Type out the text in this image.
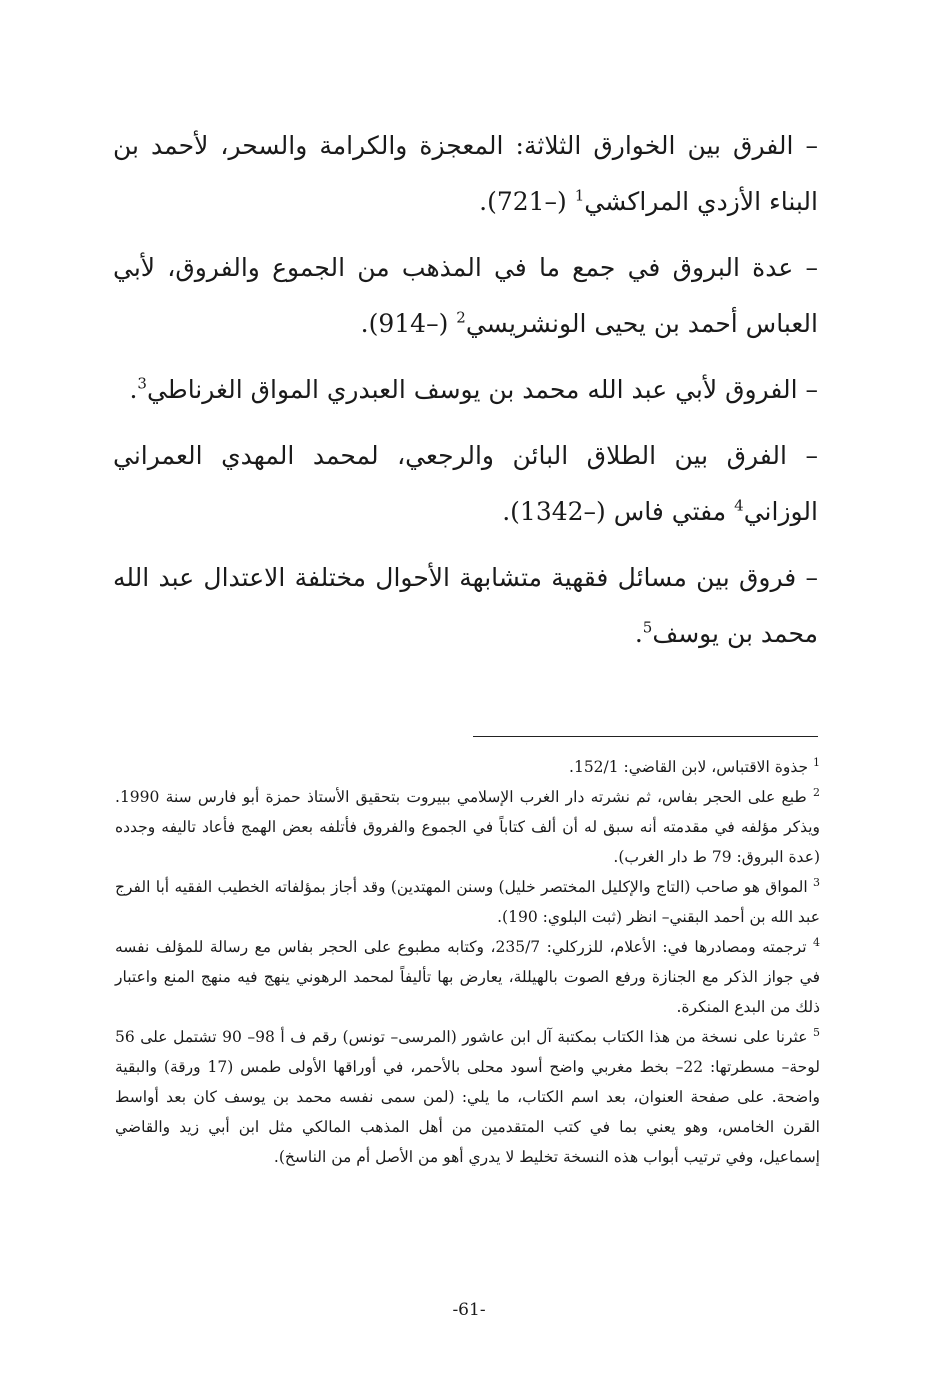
– الفرق بين الخوارق الثلاثة: المعجزة والكرامة والسحر، لأحمد بن البناء الأزدي المراكشي$^1$ (–721).
– عدة البروق في جمع ما في المذهب من الجموع والفروق، لأبي العباس أحمد بن يحيى الونشريسي$^2$ (–914).
– الفروق لأبي عبد الله محمد بن يوسف العبدري المواق الغرناطي$^3$.
– الفرق بين الطلاق البائن والرجعي، لمحمد المهدي العمراني الوزاني$^4$ مفتي فاس (–1342).
– فروق بين مسائل فقهية متشابهة الأحوال مختلفة الاعتدال عبد الله محمد بن يوسف$^5$.
$^1$ جذوة الاقتباس، لابن القاضي: 152/1.
$^2$ طبع على الحجر بفاس، ثم نشرته دار الغرب الإسلامي ببيروت بتحقيق الأستاذ حمزة أبو فارس سنة 1990. ويذكر مؤلفه في مقدمته أنه سبق له أن ألف كتاباً في الجموع والفروق فأتلفه بعض الهمج فأعاد تاليفه وجدده (عدة البروق: 79 ط دار الغرب).
$^3$ المواق هو صاحب (التاج والإكليل المختصر خليل) وسنن المهتدين) وقد أجاز بمؤلفاته الخطيب الفقيه أبا الفرج عبد الله بن أحمد البقني– انظر (ثبت البلوي: 190).
$^4$ ترجمته ومصادرها في: الأعلام، للزركلي: 235/7، وكتابه مطبوع على الحجر بفاس مع رسالة للمؤلف نفسه في جواز الذكر مع الجنازة ورفع الصوت بالهيللة، يعارض بها تأليفاً لمحمد الرهوني ينهج فيه منهج المنع واعتبار ذلك من البدع المنكرة.
$^5$ عثرنا على نسخة من هذا الكتاب بمكتبة آل ابن عاشور (المرسى– تونس) رقم ف أ 98– 90 تشتمل على 56 لوحة– مسطرتها: 22– بخط مغربي واضح أسود محلى بالأحمر، في أوراقها الأولى طمس (17 ورقة) والبقية واضحة. على صفحة العنوان، بعد اسم الكتاب، ما يلي: (لمن سمى نفسه محمد بن يوسف كان بعد أواسط القرن الخامس، وهو يعني بما في كتب المتقدمين من أهل المذهب المالكي مثل ابن أبي زيد والقاضي إسماعيل، وفي ترتيب أبواب هذه النسخة تخليط لا يدري أهو من الأصل أم من الناسخ).
-61-
